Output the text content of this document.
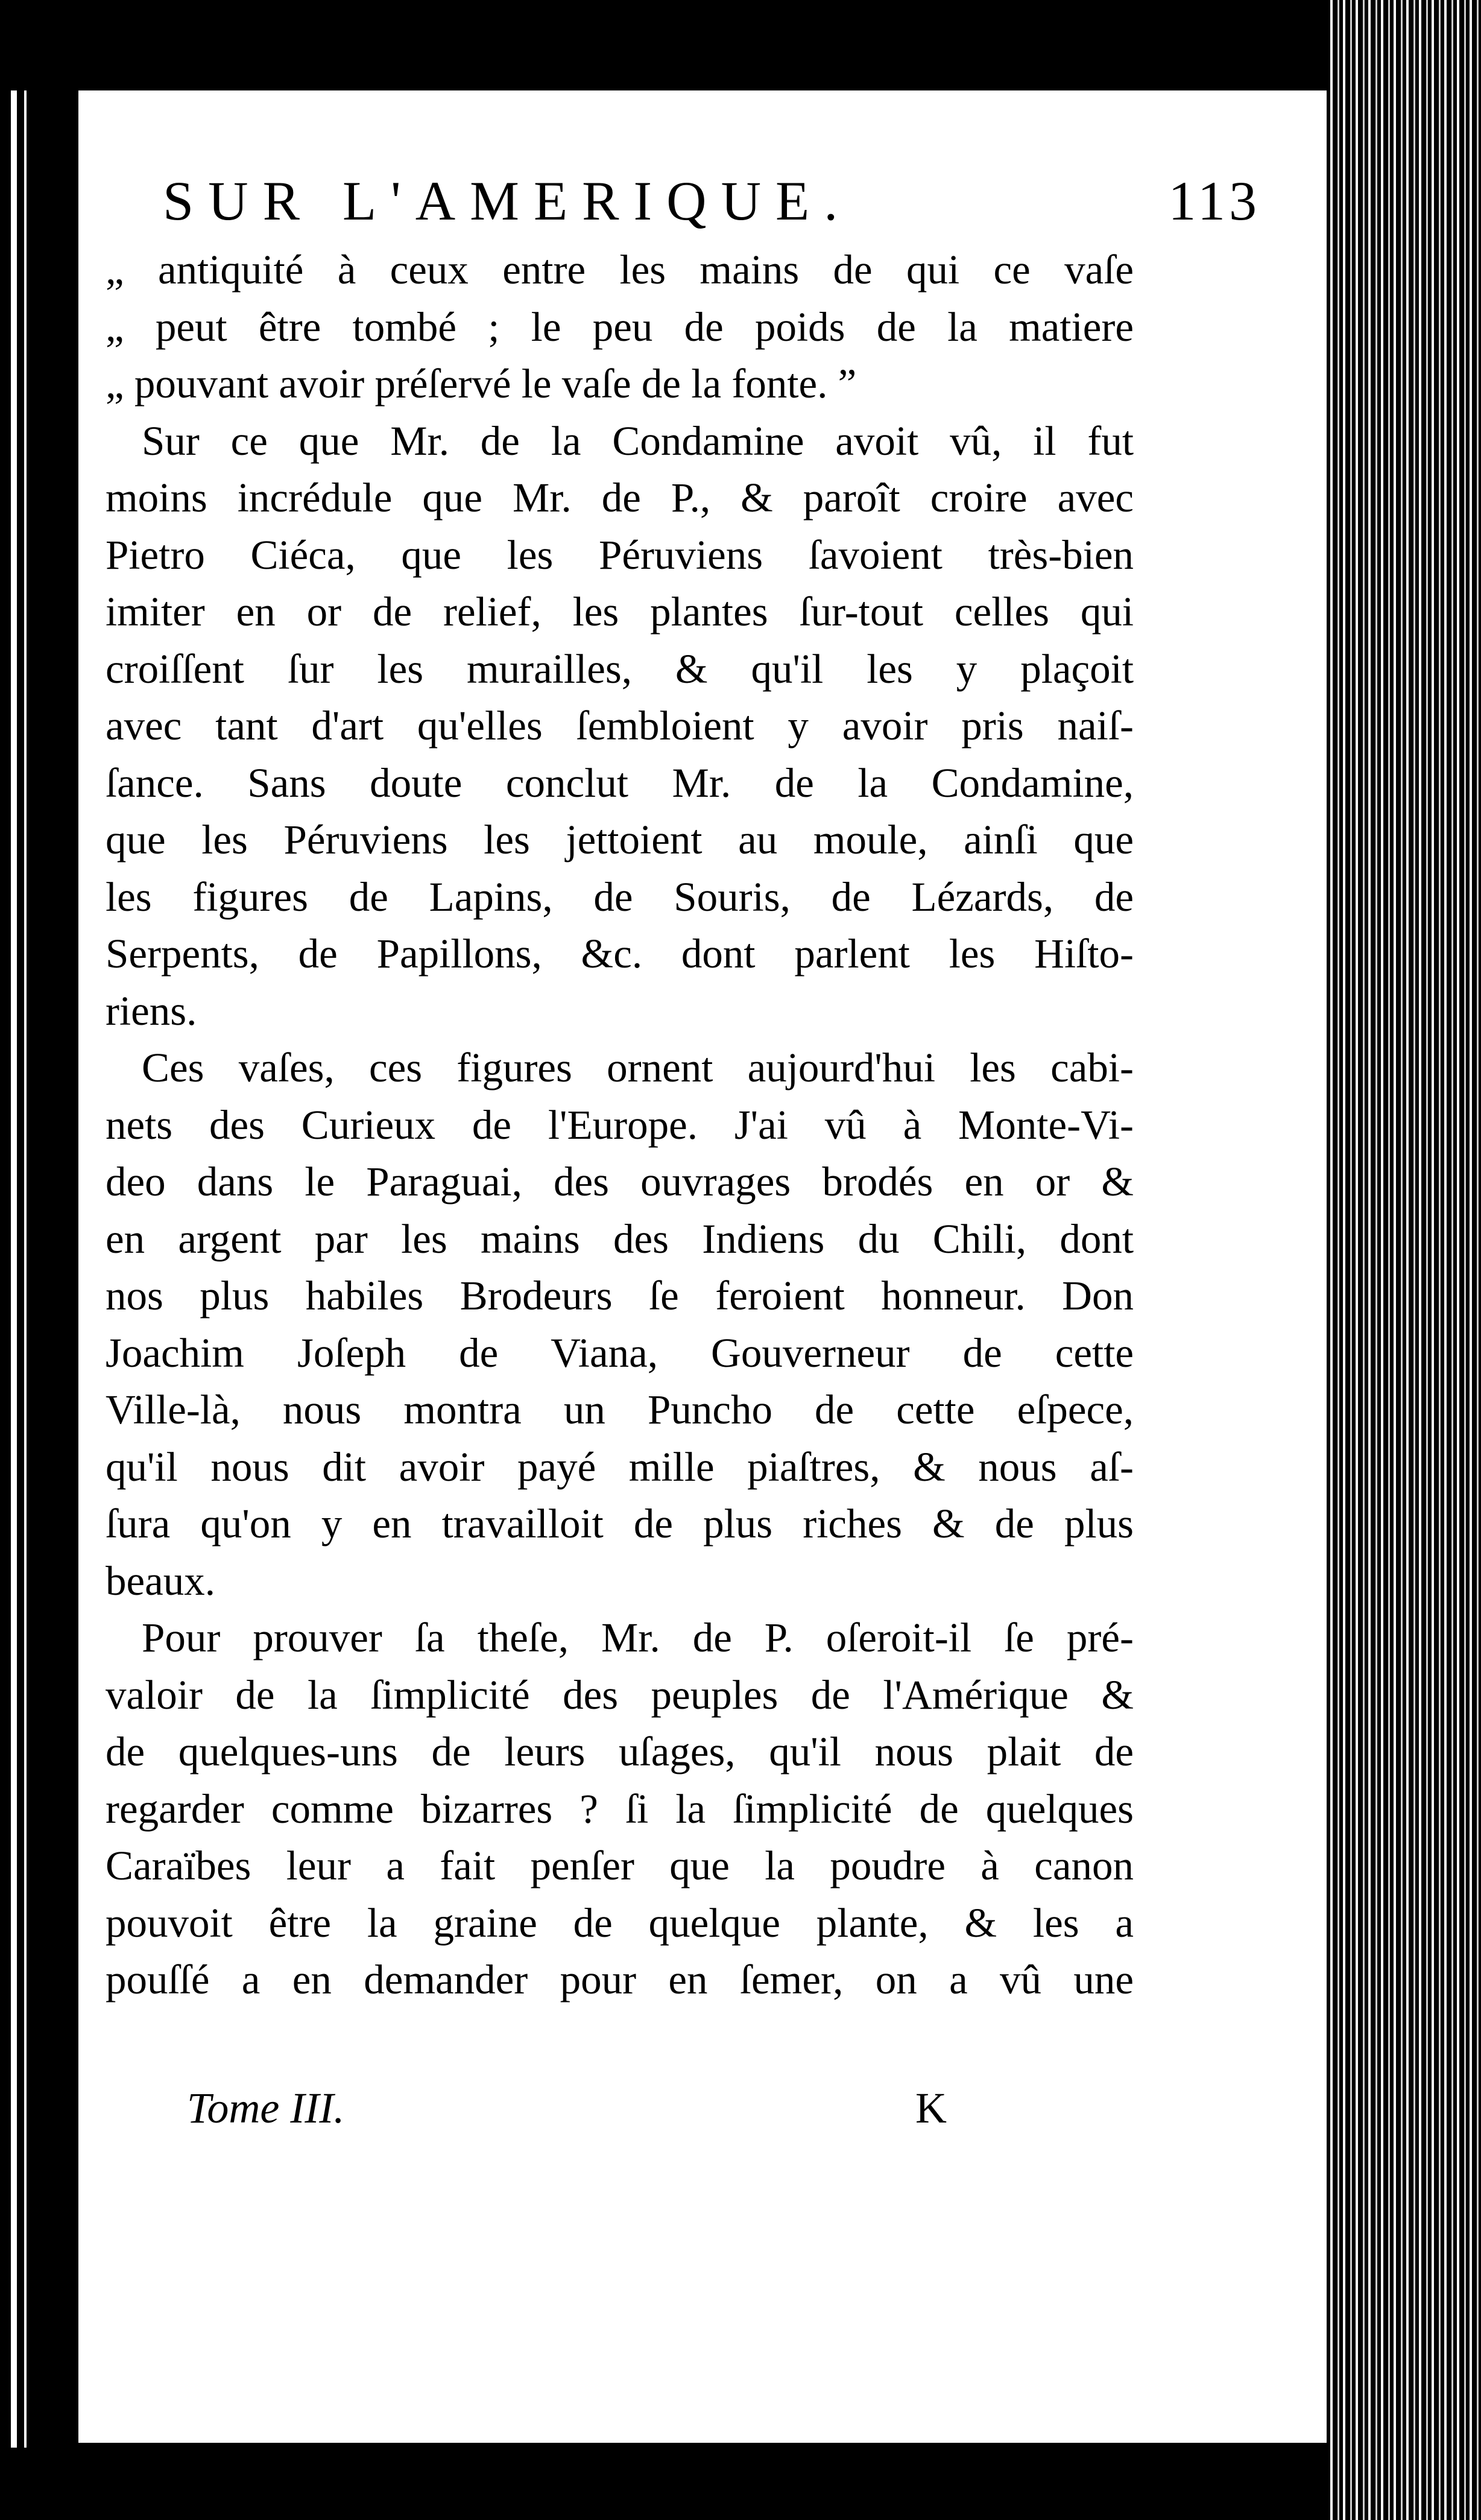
SUR L'AMERIQUE.	113
„ antiquité à ceux entre les mains de qui ce vaſe
„ peut être tombé ; le peu de poids de la matiere
„ pouvant avoir préſervé le vaſe de la fonte. ”
Sur ce que Mr. de la Condamine avoit vû, il fut
moins incrédule que Mr. de P., & paroît croire avec
Pietro Ciéca, que les Péruviens ſavoient très-bien
imiter en or de relief, les plantes ſur-tout celles qui
croiſſent ſur les murailles, & qu'il les y plaçoit
avec tant d'art qu'elles ſembloient y avoir pris naiſ-
ſance. Sans doute conclut Mr. de la Condamine,
que les Péruviens les jettoient au moule, ainſi que
les figures de Lapins, de Souris, de Lézards, de
Serpents, de Papillons, &c. dont parlent les Hiſto-
riens.
Ces vaſes, ces figures ornent aujourd'hui les cabi-
nets des Curieux de l'Europe. J'ai vû à Monte-Vi-
deo dans le Paraguai, des ouvrages brodés en or &
en argent par les mains des Indiens du Chili, dont
nos plus habiles Brodeurs ſe feroient honneur. Don
Joachim Joſeph de Viana, Gouverneur de cette
Ville-là, nous montra un Puncho de cette eſpece,
qu'il nous dit avoir payé mille piaſtres, & nous aſ-
ſura qu'on y en travailloit de plus riches & de plus
beaux.
Pour prouver ſa theſe, Mr. de P. oſeroit-il ſe pré-
valoir de la ſimplicité des peuples de l'Amérique &
de quelques-uns de leurs uſages, qu'il nous plait de
regarder comme bizarres ? ſi la ſimplicité de quelques
Caraïbes leur a fait penſer que la poudre à canon
pouvoit être la graine de quelque plante, & les a
pouſſé a en demander pour en ſemer, on a vû une
Tome III.	K
